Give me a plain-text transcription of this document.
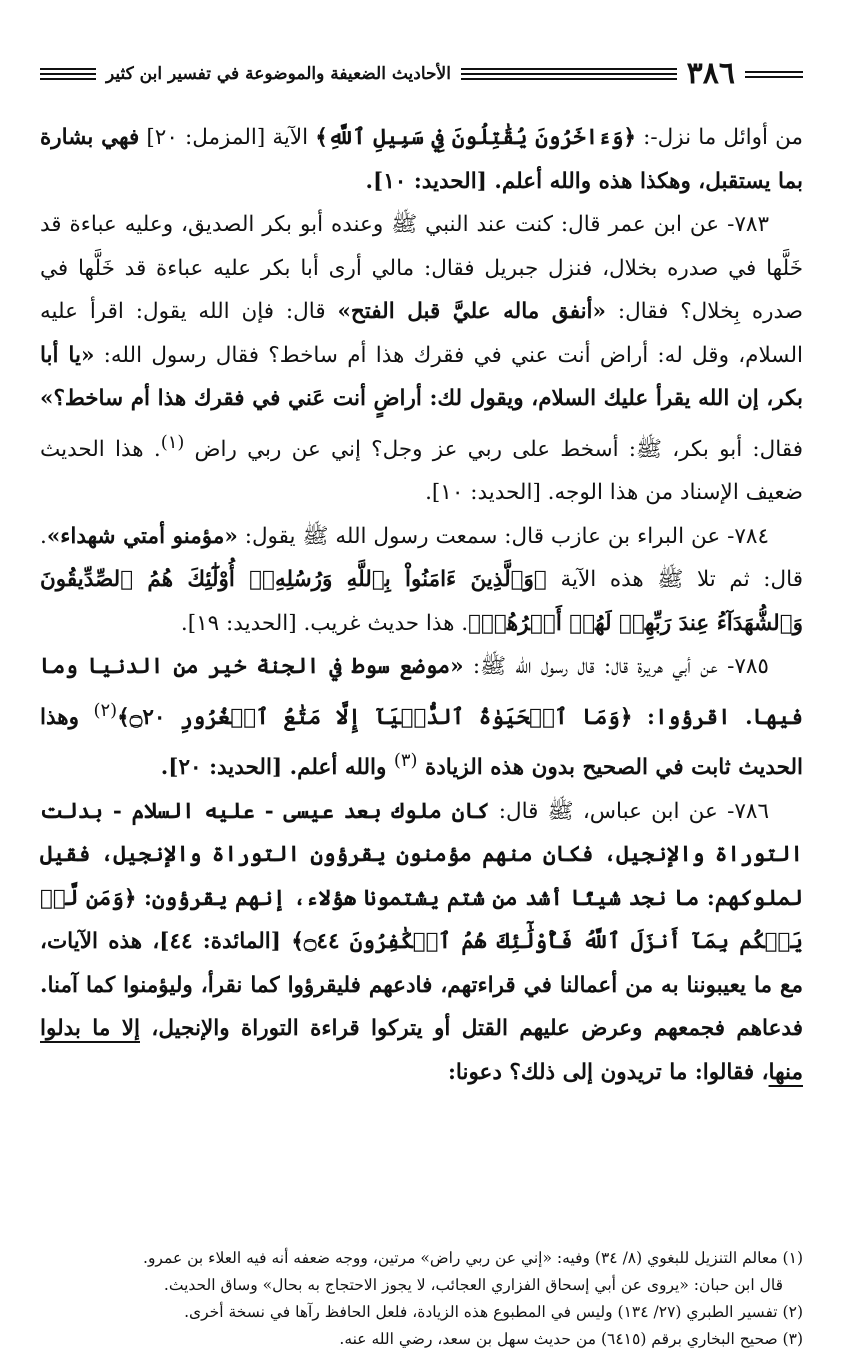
٣٨٦
الأحاديث الضعيفة والموضوعة في تفسير ابن كثير

من أوائل ما نزل-: ﴿وَءَاخَرُونَ يُقَٰتِلُونَ فِي سَبِيلِ ٱللَّهِ﴾ الآية [المزمل: ٢٠] فهي بشارة بما يستقبل، وهكذا هذه والله أعلم. [الحديد: ١٠].

٧٨٣- عن ابن عمر قال: كنت عند النبي ﷺ وعنده أبو بكر الصديق، وعليه عباءة قد خَلَّها في صدره بخلال، فنزل جبريل فقال: مالي أرى أبا بكر عليه عباءة قد خَلَّها في صدره بِخلال؟ فقال: «أنفق ماله عليَّ قبل الفتح» قال: فإن الله يقول: اقرأ عليه السلام، وقل له: أراض أنت عني في فقرك هذا أم ساخط؟ فقال رسول الله: «يا أبا بكر، إن الله يقرأ عليك السلام، ويقول لك: أراضٍ أنت عَني في فقرك هذا أم ساخط؟» فقال: أبو بكر، ﷺ: أسخط على ربي عز وجل؟ إني عن ربي راض $^{(١)}$. هذا الحديث ضعيف الإسناد من هذا الوجه. [الحديد: ١٠].

٧٨٤- عن البراء بن عازب قال: سمعت رسول الله ﷺ يقول: «مؤمنو أمتي شهداء». قال: ثم تلا ﷺ هذه الآية ﴿وَٱلَّذِينَ ءَامَنُواْ بِٱللَّهِ وَرُسُلِهِۦٓ أُوْلَٰٓئِكَ هُمُ ٱلصِّدِّيقُونَ وَٱلشُّهَدَآءُ عِندَ رَبِّهِمۡ لَهُمۡ أَجۡرُهُمۡ﴾. هذا حديث غريب. [الحديد: ١٩].

٧٨٥- عن أبي هريرة قال: قال رسول الله ﷺ: «موضع سوط في الجنة خير من الدنيا وما فيها. اقرؤوا: ﴿وَمَا ٱلۡحَيَوٰةُ ٱلدُّنۡيَآ إِلَّا مَتَٰعُ ٱلۡغُرُورِ ۝٢٠﴾$^{(٢)}$ وهذا الحديث ثابت في الصحيح بدون هذه الزيادة $^{(٣)}$ والله أعلم. [الحديد: ٢٠].

٧٨٦- عن ابن عباس، ﷺ قال: كان ملوك بعد عيسى - عليه السلام - بدلت التوراة والإنجيل، فكان منهم مؤمنون يقرؤون التوراة والإنجيل، فقيل لملوكهم: ما نجد شيئًا أشد من شتم يشتمونا هؤلاء، إنهم يقرؤون: ﴿وَمَن لَّمۡ يَحۡكُم بِمَآ أَنزَلَ ٱللَّهُ فَأُوْلَٰٓئِكَ هُمُ ٱلۡكَٰفِرُونَ ۝٤٤﴾ [المائدة: ٤٤]، هذه الآيات، مع ما يعيبوننا به من أعمالنا في قراءتهم، فادعهم فليقرؤوا كما نقرأ، وليؤمنوا كما آمنا. فدعاهم فجمعهم وعرض عليهم القتل أو يتركوا قراءة التوراة والإنجيل، إلا ما بدلوا منها، فقالوا: ما تريدون إلى ذلك؟ دعونا:

(١) معالم التنزيل للبغوي (٨/ ٣٤) وفيه: «إني عن ربي راض» مرتين، ووجه ضعفه أنه فيه العلاء بن عمرو.

قال ابن حبان: «يروى عن أبي إسحاق الفزاري العجائب، لا يجوز الاحتجاج به بحال» وساق الحديث.

(٢) تفسير الطبري (٢٧/ ١٣٤) وليس في المطبوع هذه الزيادة، فلعل الحافظ رآها في نسخة أخرى.

(٣) صحيح البخاري برقم (٦٤١٥) من حديث سهل بن سعد، رضي الله عنه.
